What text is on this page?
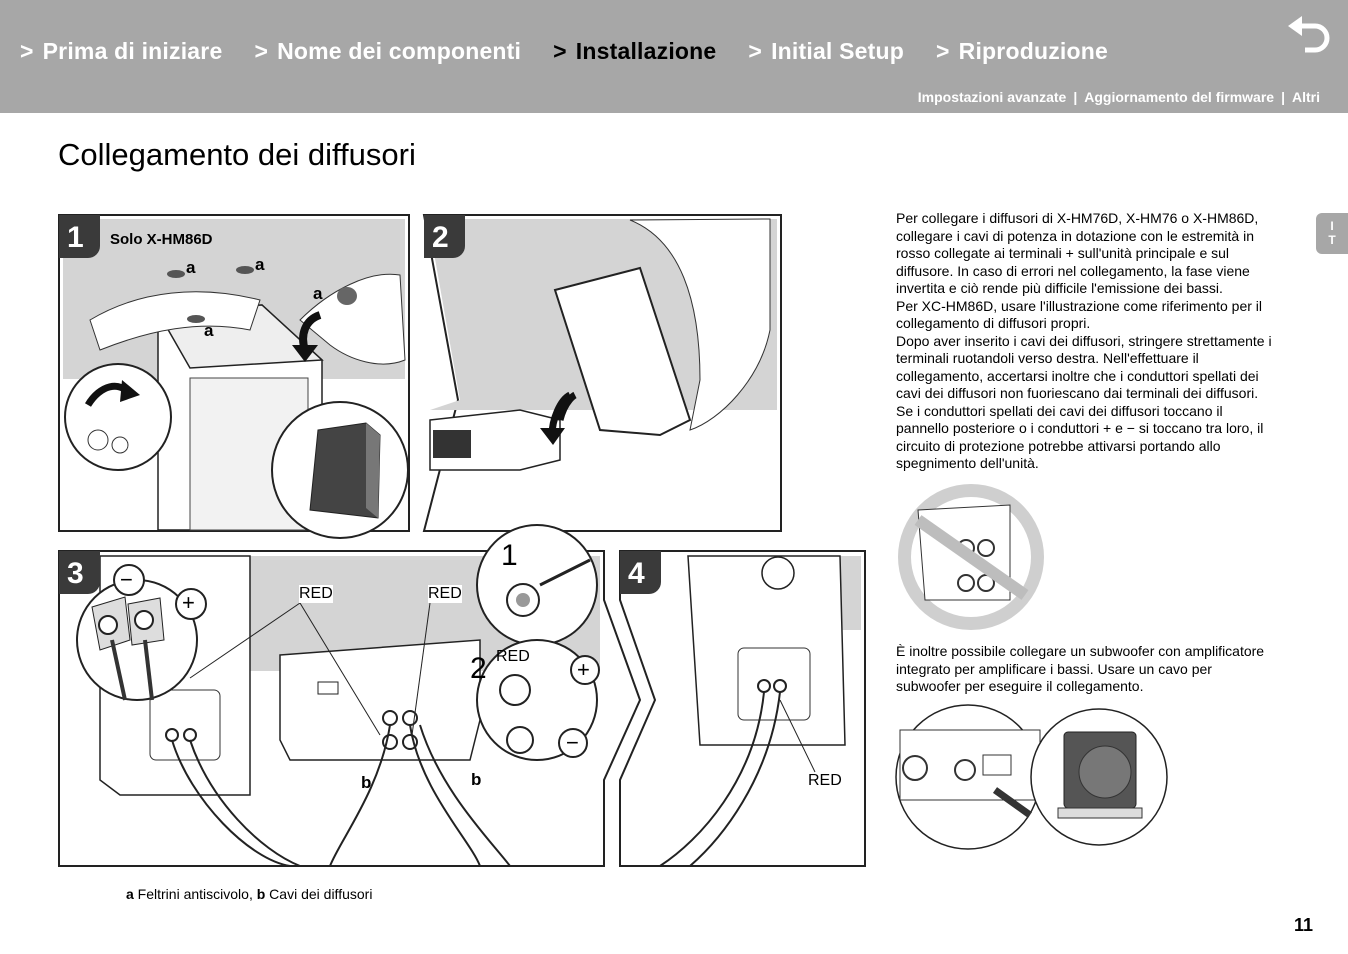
> Prima di iniziare > Nome dei componenti > Installazione > Initial Setup > Riproduzione
Impostazioni avanzate | Aggiornamento del firmware | Altri
Collegamento dei diffusori
I
T
1	2
3	4
Solo X-HM86D
a	a
a
a
−
+	RED	RED
1
RED
2	+
−
b	b	RED
Per collegare i diffusori di X-HM76D, X-HM76 o X-HM86D,
collegare i cavi di potenza in dotazione con le estremità in
rosso collegate ai terminali + sull'unità principale e sul
diffusore. In caso di errori nel collegamento, la fase viene
invertita e ciò rende più difficile l'emissione dei bassi.
Per XC-HM86D, usare l'illustrazione come riferimento per il
collegamento di diffusori propri.
Dopo aver inserito i cavi dei diffusori, stringere strettamente i
terminali ruotandoli verso destra. Nell'effettuare il
collegamento, accertarsi inoltre che i conduttori spellati dei
cavi dei diffusori non fuoriescano dai terminali dei diffusori.
Se i conduttori spellati dei cavi dei diffusori toccano il
pannello posteriore o i conduttori + e − si toccano tra loro, il
circuito di protezione potrebbe attivarsi portando allo
spegnimento dell'unità.
È inoltre possibile collegare un subwoofer con amplificatore
integrato per amplificare i bassi. Usare un cavo per
subwoofer per eseguire il collegamento.
a Feltrini antiscivolo, b Cavi dei diffusori
11
